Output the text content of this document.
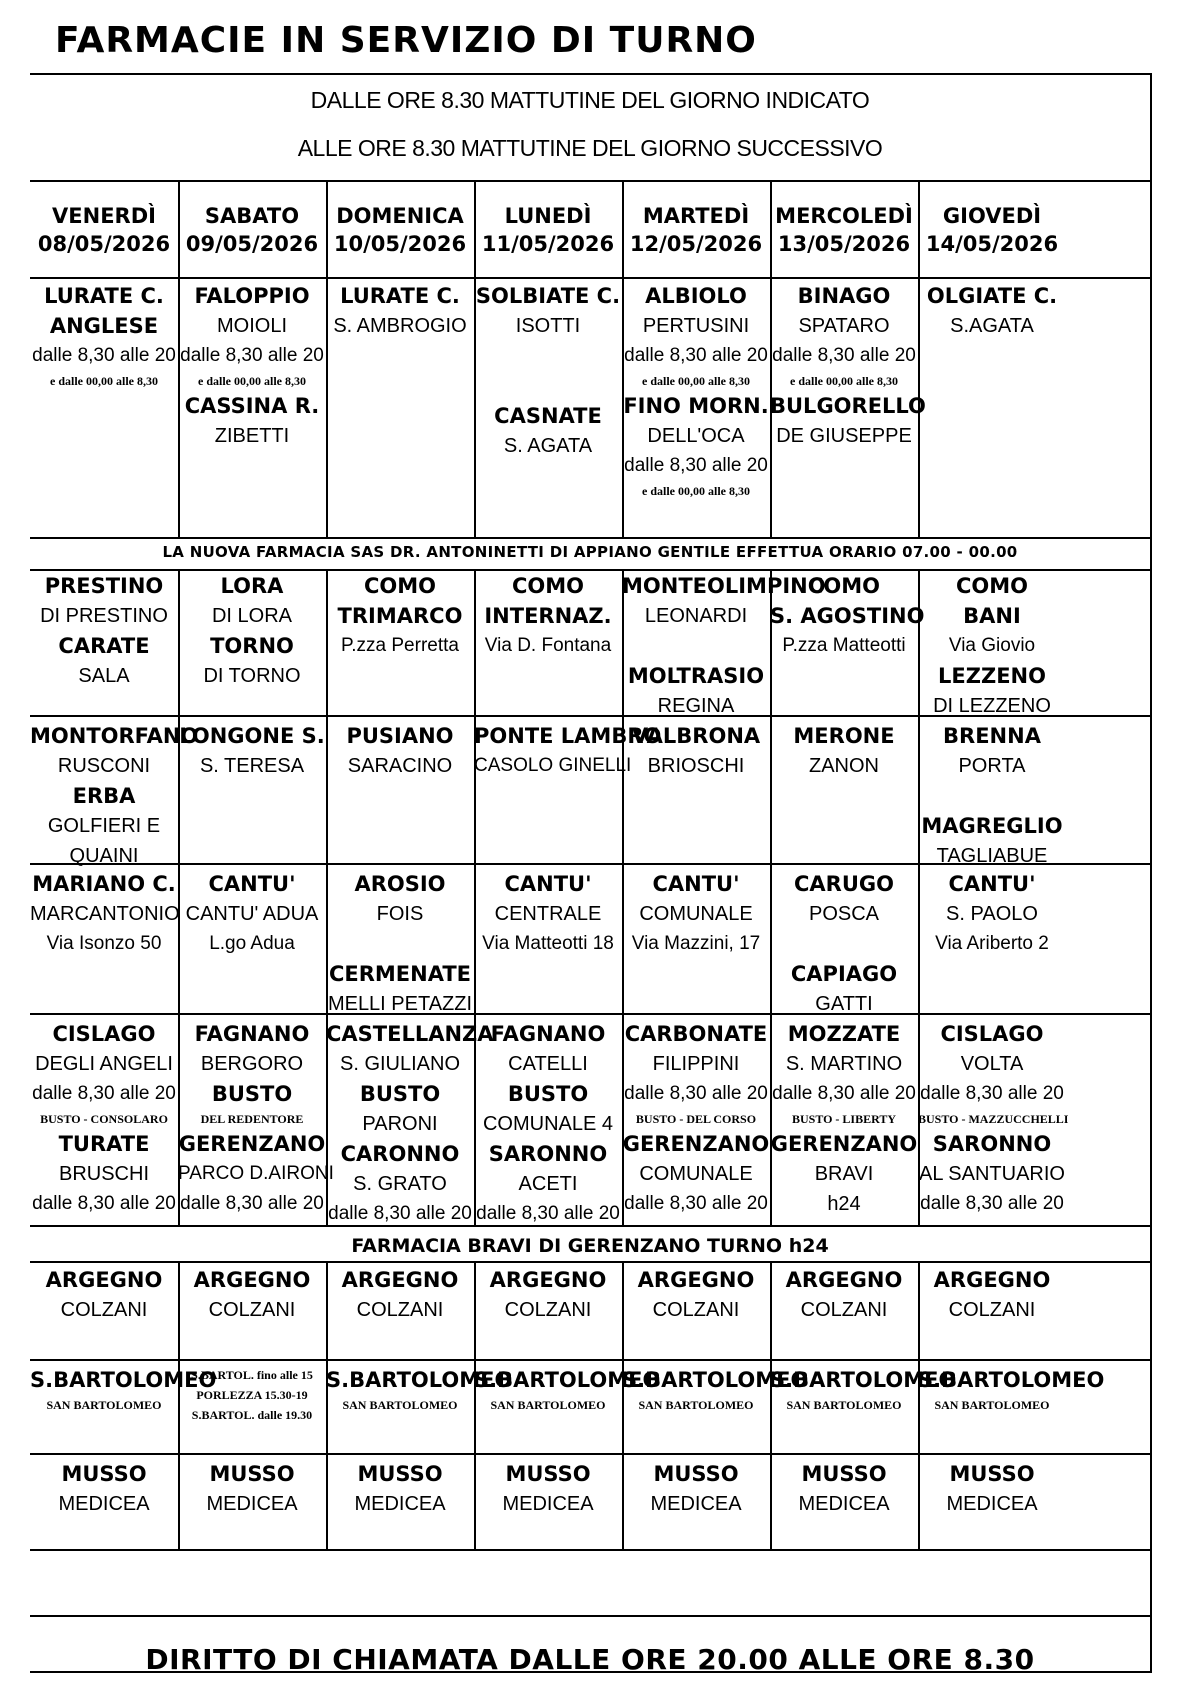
FARMACIE IN SERVIZIO DI TURNO
DALLE ORE 8.30 MATTUTINE DEL GIORNO INDICATO
ALLE ORE 8.30 MATTUTINE DEL GIORNO SUCCESSIVO
LA NUOVA FARMACIA SAS DR. ANTONINETTI DI APPIANO GENTILE EFFETTUA ORARIO 07.00 - 00.00
FARMACIA BRAVI DI GERENZANO TURNO h24
DIRITTO DI CHIAMATA DALLE ORE 20.00 ALLE ORE 8.30
VENERDÌ
08/05/2026
SABATO
09/05/2026
DOMENICA
10/05/2026
LUNEDÌ
11/05/2026
MARTEDÌ
12/05/2026
MERCOLEDÌ
13/05/2026
GIOVEDÌ
14/05/2026
LURATE C.
ANGLESE
dalle 8,30 alle 20
e dalle 00,00 alle 8,30
FALOPPIO
MOIOLI
dalle 8,30 alle 20
e dalle 00,00 alle 8,30
CASSINA R.
ZIBETTI
LURATE C.
S. AMBROGIO
SOLBIATE C.
ISOTTI
CASNATE
S. AGATA
ALBIOLO
PERTUSINI
dalle 8,30 alle 20
e dalle 00,00 alle 8,30
FINO MORN.
DELL'OCA
dalle 8,30 alle 20
e dalle 00,00 alle 8,30
BINAGO
SPATARO
dalle 8,30 alle 20
e dalle 00,00 alle 8,30
BULGORELLO
DE GIUSEPPE
OLGIATE C.
S.AGATA
PRESTINO
DI PRESTINO
CARATE
SALA
LORA
DI LORA
TORNO
DI TORNO
COMO
TRIMARCO
P.zza Perretta
COMO
INTERNAZ.
Via D. Fontana
MONTEOLIMPINO
LEONARDI
MOLTRASIO
REGINA
COMO
S. AGOSTINO
P.zza Matteotti
COMO
BANI
Via Giovio
LEZZENO
DI LEZZENO
MONTORFANO
RUSCONI
ERBA
GOLFIERI E
QUAINI
LONGONE S.
S. TERESA
PUSIANO
SARACINO
PONTE LAMBRO
CASOLO GINELLI
VALBRONA
BRIOSCHI
MERONE
ZANON
BRENNA
PORTA
MAGREGLIO
TAGLIABUE
MARIANO C.
MARCANTONIO
Via Isonzo 50
CANTU'
CANTU' ADUA
L.go Adua
AROSIO
FOIS
CERMENATE
MELLI PETAZZI
CANTU'
CENTRALE
Via Matteotti 18
CANTU'
COMUNALE
Via Mazzini, 17
CARUGO
POSCA
CAPIAGO
GATTI
CANTU'
S. PAOLO
Via Ariberto 2
CISLAGO
DEGLI ANGELI
dalle 8,30 alle 20
BUSTO - CONSOLARO
TURATE
BRUSCHI
dalle 8,30 alle 20
FAGNANO
BERGORO
BUSTO
DEL REDENTORE
GERENZANO
PARCO D.AIRONI
dalle 8,30 alle 20
CASTELLANZA
S. GIULIANO
BUSTO
PARONI
CARONNO
S. GRATO
dalle 8,30 alle 20
FAGNANO
CATELLI
BUSTO
COMUNALE 4
SARONNO
ACETI
dalle 8,30 alle 20
CARBONATE
FILIPPINI
dalle 8,30 alle 20
BUSTO - DEL CORSO
GERENZANO
COMUNALE
dalle 8,30 alle 20
MOZZATE
S. MARTINO
dalle 8,30 alle 20
BUSTO - LIBERTY
GERENZANO
BRAVI
h24
CISLAGO
VOLTA
dalle 8,30 alle 20
BUSTO - MAZZUCCHELLI
SARONNO
AL SANTUARIO
dalle 8,30 alle 20
ARGEGNO
COLZANI
ARGEGNO
COLZANI
ARGEGNO
COLZANI
ARGEGNO
COLZANI
ARGEGNO
COLZANI
ARGEGNO
COLZANI
ARGEGNO
COLZANI
S.BARTOLOMEO
SAN BARTOLOMEO
S.BARTOL. fino alle 15
PORLEZZA 15.30-19
S.BARTOL. dalle 19.30
S.BARTOLOMEO
SAN BARTOLOMEO
S.BARTOLOMEO
SAN BARTOLOMEO
S.BARTOLOMEO
SAN BARTOLOMEO
S.BARTOLOMEO
SAN BARTOLOMEO
S.BARTOLOMEO
SAN BARTOLOMEO
MUSSO
MEDICEA
MUSSO
MEDICEA
MUSSO
MEDICEA
MUSSO
MEDICEA
MUSSO
MEDICEA
MUSSO
MEDICEA
MUSSO
MEDICEA
